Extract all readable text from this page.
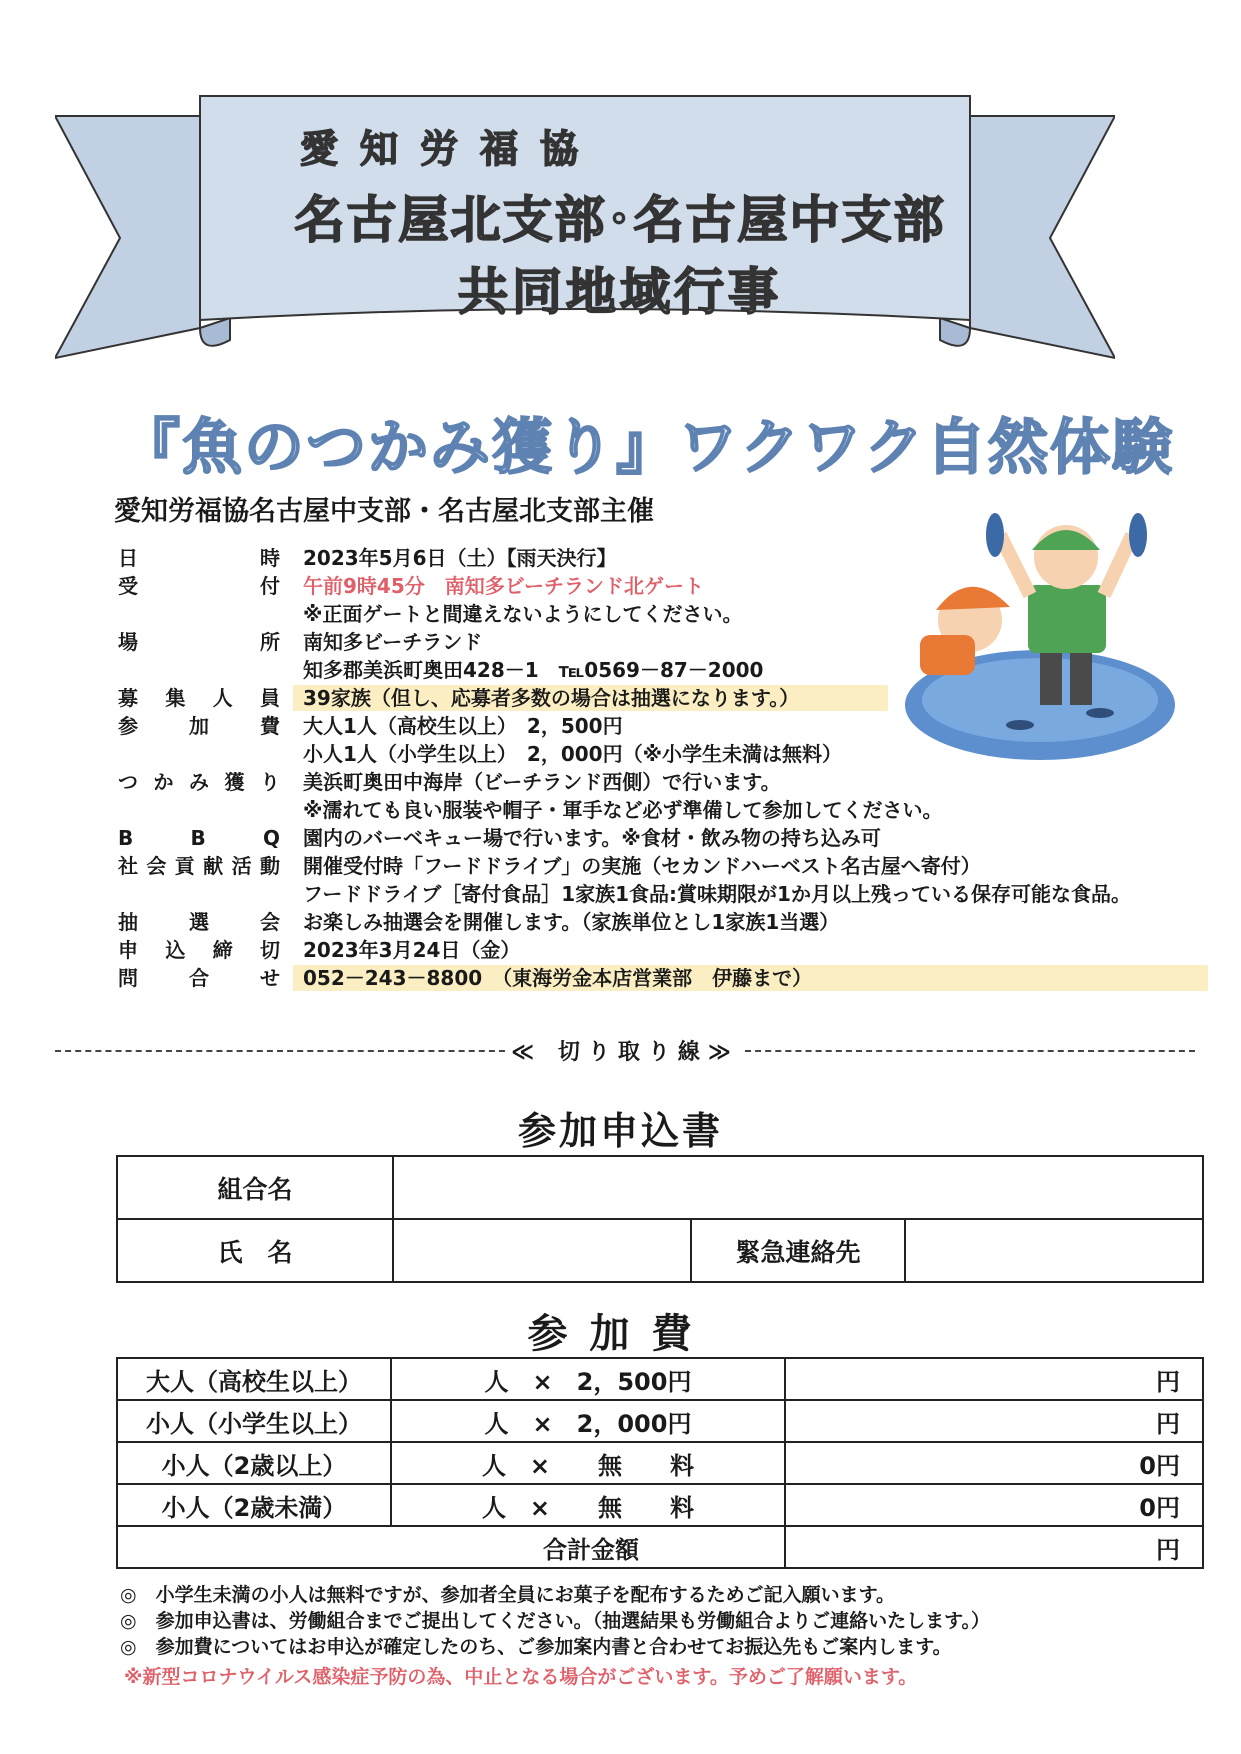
愛知労福協
名古屋北支部･名古屋中支部
共同地域行事
『魚のつかみ獲り』ワクワク自然体験
愛知労福協名古屋中支部・名古屋北支部主催
日	時 2023年5月6日（土）【雨天決行】
受	付 午前9時45分　南知多ビーチランド北ゲート
※正面ゲートと間違えないようにしてください。
場	所 南知多ビーチランド
知多郡美浜町奥田428－1　℡0569－87－2000
募 集 人 員	39家族（但し、応募者多数の場合は抽選になります。）
参	加	費 大人1人（高校生以上）　2，500円
小人1人（小学生以上）　2，000円（※小学生未満は無料）
つ か み 獲 り 美浜町奥田中海岸（ビーチランド西側）で行います。
※濡れても良い服装や帽子・軍手など必ず準備して参加してください。
B	B	Q 園内のバーベキュー場で行います。※食材・飲み物の持ち込み可
社 会 貢 献 活 動 開催受付時「フードドライブ」の実施（セカンドハーベスト名古屋へ寄付）
フードドライブ［寄付食品］1家族1食品:賞味期限が1か月以上残っている保存可能な食品。
抽	選	会 お楽しみ抽選会を開催します。（家族単位とし1家族1当選）
申 込 締 切 2023年3月24日（金）
問	合	せ	052－243－8800　（東海労金本店営業部　伊藤まで）
≪ 切り取り線≫
参加申込書
組合名			
氏　名		緊急連絡先	
参加費
大人（高校生以上）	人　×　2，500円	円
小人（小学生以上）	人　×　2，000円	円
小人（2歳以上）	人　×　　無　　料	0円
小人（2歳未満）	人　×　　無　　料	0円
合計金額		円
◎　小学生未満の小人は無料ですが、参加者全員にお菓子を配布するためご記入願います。
◎　参加申込書は、労働組合までご提出してください。（抽選結果も労働組合よりご連絡いたします。）
◎　参加費についてはお申込が確定したのち、ご参加案内書と合わせてお振込先もご案内します。
※新型コロナウイルス感染症予防の為、中止となる場合がございます。予めご了解願います。
